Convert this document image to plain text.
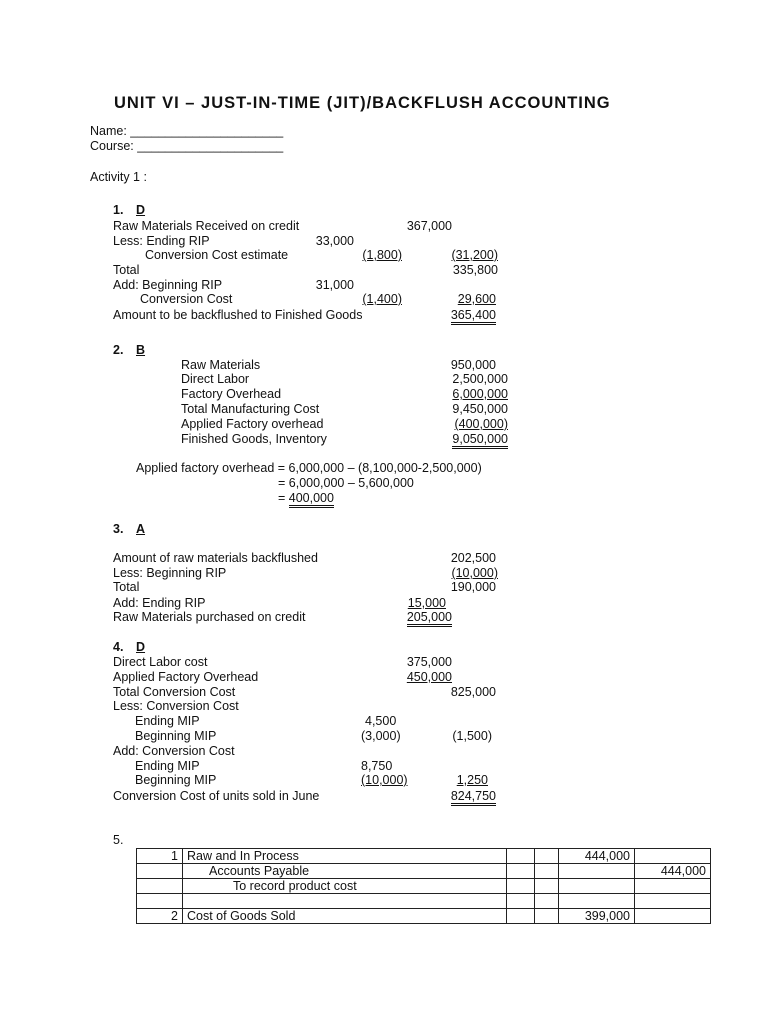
UNIT VI – JUST-IN-TIME (JIT)/BACKFLUSH ACCOUNTING
Name: ______________________
Course: _____________________
Activity 1 :
1. D
Raw Materials Received on credit	367,000
Less: Ending RIP	33,000
Conversion Cost estimate	(1,800)	(31,200)
Total	335,800
Add: Beginning RIP	31,000
Conversion Cost	(1,400)	29,600
Amount to be backflushed to Finished Goods	365,400
2. B
Raw Materials	950,000
Direct Labor	2,500,000
Factory Overhead	6,000,000
Total Manufacturing Cost	9,450,000
Applied Factory overhead	(400,000)
Finished Goods, Inventory	9,050,000
Applied factory overhead = 6,000,000 – (8,100,000-2,500,000)
= 6,000,000 – 5,600,000
= 400,000
3. A
Amount of raw materials backflushed	202,500
Less: Beginning RIP	(10,000)
Total	190,000
Add: Ending RIP	15,000
Raw Materials purchased on credit	205,000
4. D
Direct Labor cost	375,000
Applied Factory Overhead	450,000
Total Conversion Cost	825,000
Less: Conversion Cost
Ending MIP	4,500
Beginning MIP	(3,000)	(1,500)
Add: Conversion Cost
Ending MIP	8,750
Beginning MIP	(10,000)	1,250
Conversion Cost of units sold in June	824,750
5.
1	Raw and In Process			444,000	
	Accounts Payable				444,000
	To record product cost				

2	Cost of Goods Sold			399,000	
